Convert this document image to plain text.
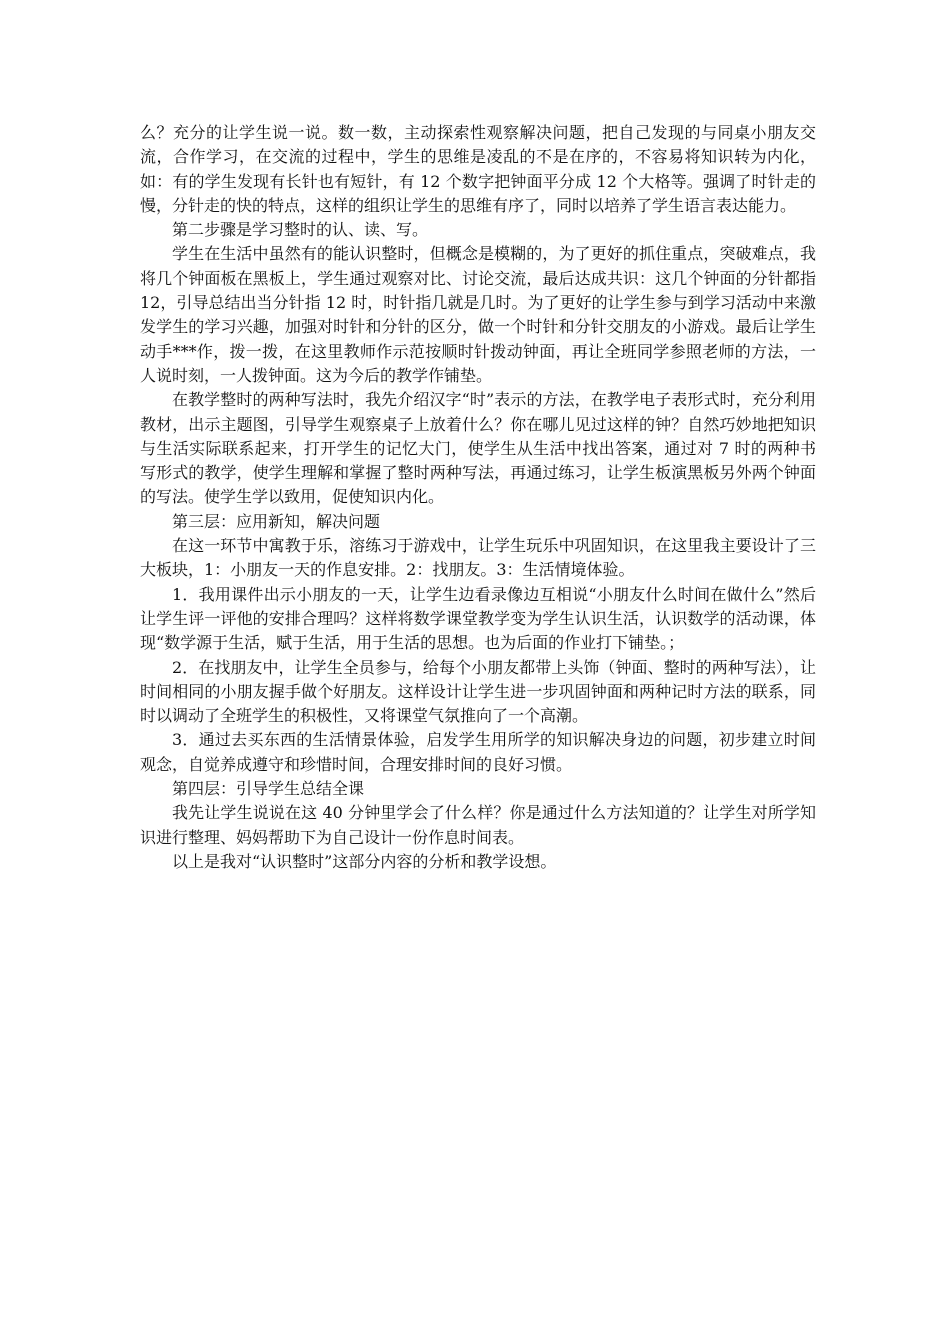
么？充分的让学生说一说。数一数，主动探索性观察解决问题，把自己发现的与同桌小朋友交流，合作学习，在交流的过程中，学生的思维是凌乱的不是在序的，不容易将知识转为内化，如：有的学生发现有长针也有短针，有 12 个数字把钟面平分成 12 个大格等。强调了时针走的慢，分针走的快的特点，这样的组织让学生的思维有序了，同时以培养了学生语言表达能力。

第二步骤是学习整时的认、读、写。

学生在生活中虽然有的能认识整时，但概念是模糊的，为了更好的抓住重点，突破难点，我将几个钟面板在黑板上，学生通过观察对比、讨论交流，最后达成共识：这几个钟面的分针都指 12，引导总结出当分针指 12 时，时针指几就是几时。为了更好的让学生参与到学习活动中来激发学生的学习兴趣，加强对时针和分针的区分，做一个时针和分针交朋友的小游戏。最后让学生动手***作，拨一拨，在这里教师作示范按顺时针拨动钟面，再让全班同学参照老师的方法，一人说时刻，一人拨钟面。这为今后的教学作铺垫。

在教学整时的两种写法时，我先介绍汉字“时”表示的方法，在教学电子表形式时，充分利用教材，出示主题图，引导学生观察桌子上放着什么？你在哪儿见过这样的钟？自然巧妙地把知识与生活实际联系起来，打开学生的记忆大门，使学生从生活中找出答案，通过对 7 时的两种书写形式的教学，使学生理解和掌握了整时两种写法，再通过练习，让学生板演黑板另外两个钟面的写法。使学生学以致用，促使知识内化。

第三层：应用新知，解决问题

在这一环节中寓教于乐，溶练习于游戏中，让学生玩乐中巩固知识，在这里我主要设计了三大板块，1：小朋友一天的作息安排。2：找朋友。3：生活情境体验。

1．我用课件出示小朋友的一天，让学生边看录像边互相说“小朋友什么时间在做什么”然后让学生评一评他的安排合理吗？这样将数学课堂教学变为学生认识生活，认识数学的活动课，体现“数学源于生活，赋于生活，用于生活的思想。也为后面的作业打下铺垫。；

2．在找朋友中，让学生全员参与，给每个小朋友都带上头饰（钟面、整时的两种写法），让时间相同的小朋友握手做个好朋友。这样设计让学生进一步巩固钟面和两种记时方法的联系，同时以调动了全班学生的积极性，又将课堂气氛推向了一个高潮。

3．通过去买东西的生活情景体验，启发学生用所学的知识解决身边的问题，初步建立时间观念，自觉养成遵守和珍惜时间，合理安排时间的良好习惯。

第四层：引导学生总结全课

我先让学生说说在这 40 分钟里学会了什么样？你是通过什么方法知道的？让学生对所学知识进行整理、妈妈帮助下为自己设计一份作息时间表。

以上是我对“认识整时”这部分内容的分析和教学设想。
